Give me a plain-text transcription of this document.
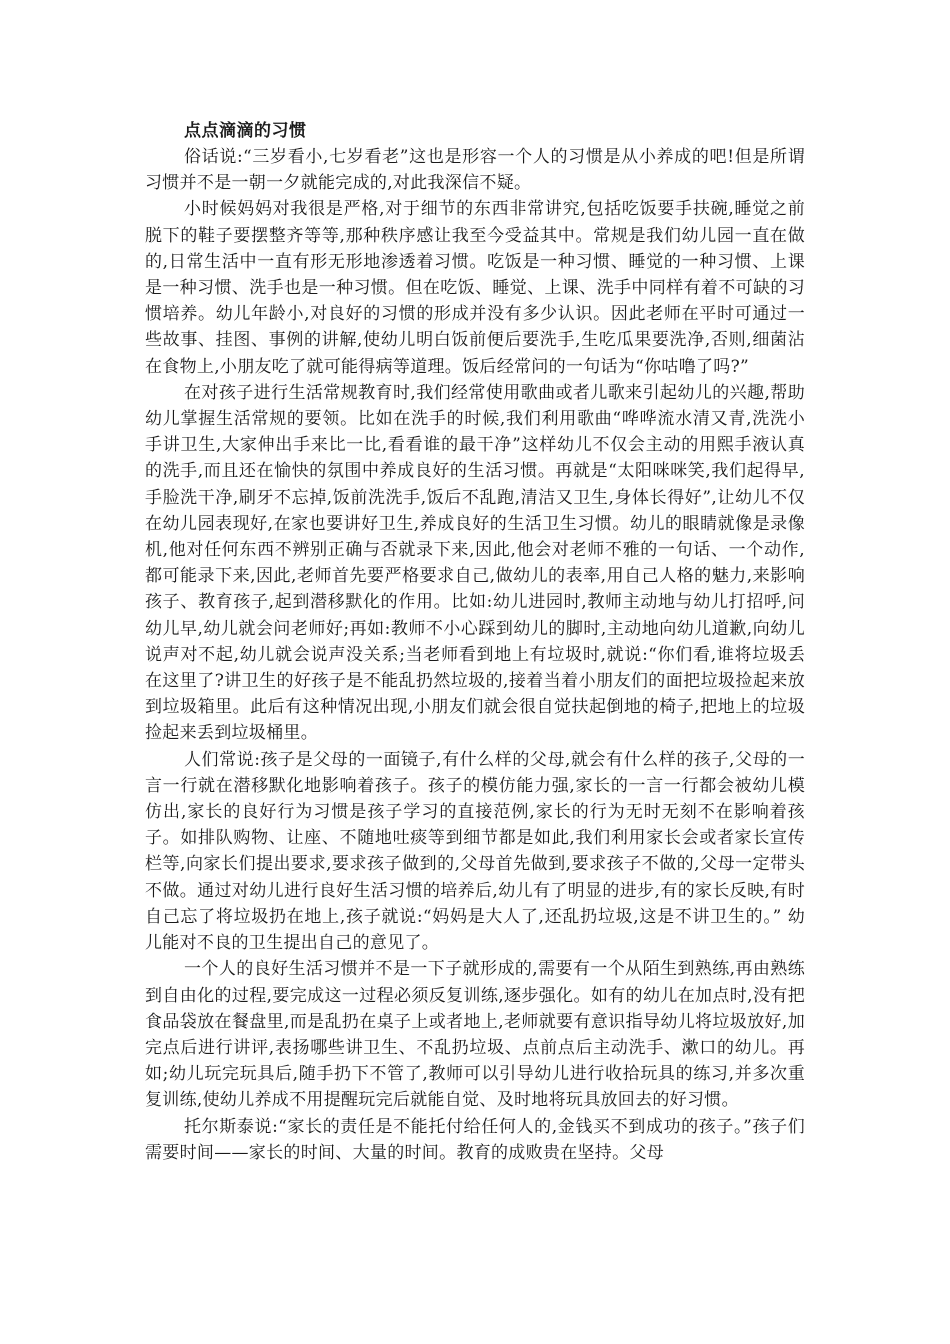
点点滴滴的习惯

俗话说:“三岁看小,七岁看老”这也是形容一个人的习惯是从小养成的吧!但是所谓习惯并不是一朝一夕就能完成的,对此我深信不疑。

小时候妈妈对我很是严格,对于细节的东西非常讲究,包括吃饭要手扶碗,睡觉之前脱下的鞋子要摆整齐等等,那种秩序感让我至今受益其中。常规是我们幼儿园一直在做的,日常生活中一直有形无形地渗透着习惯。吃饭是一种习惯、睡觉的一种习惯、上课是一种习惯、洗手也是一种习惯。但在吃饭、睡觉、上课、洗手中同样有着不可缺的习惯培养。幼儿年龄小,对良好的习惯的形成并没有多少认识。因此老师在平时可通过一些故事、挂图、事例的讲解,使幼儿明白饭前便后要洗手,生吃瓜果要洗净,否则,细菌沾在食物上,小朋友吃了就可能得病等道理。饭后经常问的一句话为“你咕噜了吗?”

在对孩子进行生活常规教育时,我们经常使用歌曲或者儿歌来引起幼儿的兴趣,帮助幼儿掌握生活常规的要领。比如在洗手的时候,我们利用歌曲“哗哗流水清又青,洗洗小手讲卫生,大家伸出手来比一比,看看谁的最干净”这样幼儿不仅会主动的用熙手液认真的洗手,而且还在愉快的氛围中养成良好的生活习惯。再就是“太阳咪咪笑,我们起得早,手脸洗干净,刷牙不忘掉,饭前洗洗手,饭后不乱跑,清洁又卫生,身体长得好”,让幼儿不仅在幼儿园表现好,在家也要讲好卫生,养成良好的生活卫生习惯。幼儿的眼睛就像是录像机,他对任何东西不辨别正确与否就录下来,因此,他会对老师不雅的一句话、一个动作,都可能录下来,因此,老师首先要严格要求自己,做幼儿的表率,用自己人格的魅力,来影响孩子、教育孩子,起到潜移默化的作用。比如:幼儿进园时,教师主动地与幼儿打招呼,问幼儿早,幼儿就会问老师好;再如:教师不小心踩到幼儿的脚时,主动地向幼儿道歉,向幼儿说声对不起,幼儿就会说声没关系;当老师看到地上有垃圾时,就说:“你们看,谁将垃圾丢在这里了?讲卫生的好孩子是不能乱扔然垃圾的,接着当着小朋友们的面把垃圾捡起来放到垃圾箱里。此后有这种情况出现,小朋友们就会很自觉扶起倒地的椅子,把地上的垃圾捡起来丢到垃圾桶里。

人们常说:孩子是父母的一面镜子,有什么样的父母,就会有什么样的孩子,父母的一言一行就在潜移默化地影响着孩子。孩子的模仿能力强,家长的一言一行都会被幼儿模仿出,家长的良好行为习惯是孩子学习的直接范例,家长的行为无时无刻不在影响着孩子。如排队购物、让座、不随地吐痰等到细节都是如此,我们利用家长会或者家长宣传栏等,向家长们提出要求,要求孩子做到的,父母首先做到,要求孩子不做的,父母一定带头不做。通过对幼儿进行良好生活习惯的培养后,幼儿有了明显的进步,有的家长反映,有时自己忘了将垃圾扔在地上,孩子就说:“妈妈是大人了,还乱扔垃圾,这是不讲卫生的。” 幼儿能对不良的卫生提出自己的意见了。

一个人的良好生活习惯并不是一下子就形成的,需要有一个从陌生到熟练,再由熟练到自由化的过程,要完成这一过程必须反复训练,逐步强化。如有的幼儿在加点时,没有把食品袋放在餐盘里,而是乱扔在桌子上或者地上,老师就要有意识指导幼儿将垃圾放好,加完点后进行讲评,表扬哪些讲卫生、不乱扔垃圾、点前点后主动洗手、漱口的幼儿。再如;幼儿玩完玩具后,随手扔下不管了,教师可以引导幼儿进行收拾玩具的练习,并多次重复训练,使幼儿养成不用提醒玩完后就能自觉、及时地将玩具放回去的好习惯。

托尔斯泰说:“家长的责任是不能托付给任何人的,金钱买不到成功的孩子。”孩子们需要时间——家长的时间、大量的时间。教育的成败贵在坚持。父母
